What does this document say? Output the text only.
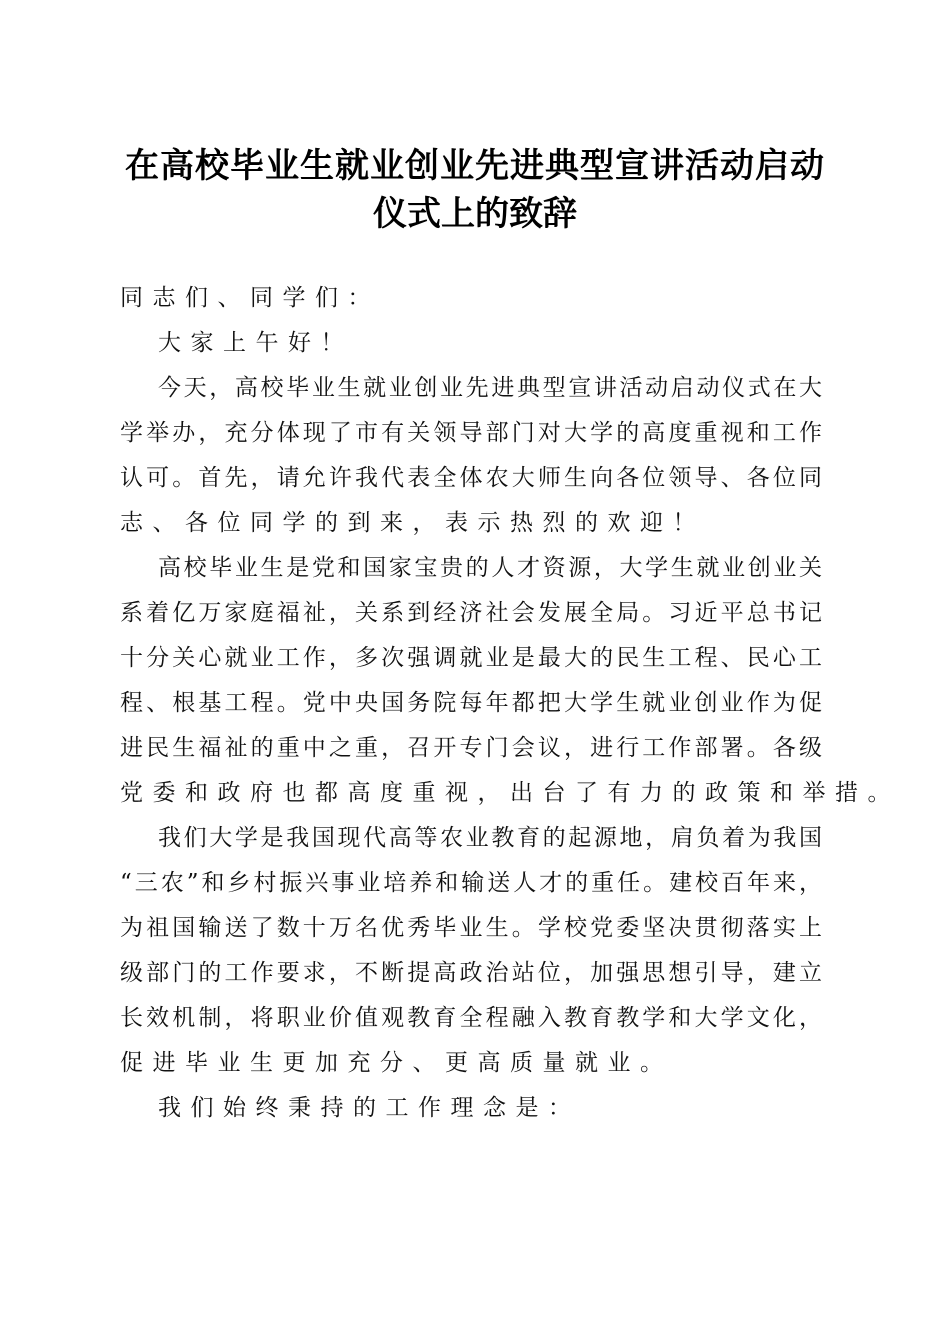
在高校毕业生就业创业先进典型宣讲活动启动
仪式上的致辞
同志们、同学们：
大家上午好！
今天，高校毕业生就业创业先进典型宣讲活动启动仪式在大
学举办，充分体现了市有关领导部门对大学的高度重视和工作
认可。首先，请允许我代表全体农大师生向各位领导、各位同
志、各位同学的到来，表示热烈的欢迎！
高校毕业生是党和国家宝贵的人才资源，大学生就业创业关
系着亿万家庭福祉，关系到经济社会发展全局。习近平总书记
十分关心就业工作，多次强调就业是最大的民生工程、民心工
程、根基工程。党中央国务院每年都把大学生就业创业作为促
进民生福祉的重中之重，召开专门会议，进行工作部署。各级
党委和政府也都高度重视，出台了有力的政策和举措。
我们大学是我国现代高等农业教育的起源地，肩负着为我国
“三农”和乡村振兴事业培养和输送人才的重任。建校百年来，
为祖国输送了数十万名优秀毕业生。学校党委坚决贯彻落实上
级部门的工作要求，不断提高政治站位，加强思想引导，建立
长效机制，将职业价值观教育全程融入教育教学和大学文化，
促进毕业生更加充分、更高质量就业。
我们始终秉持的工作理念是：
